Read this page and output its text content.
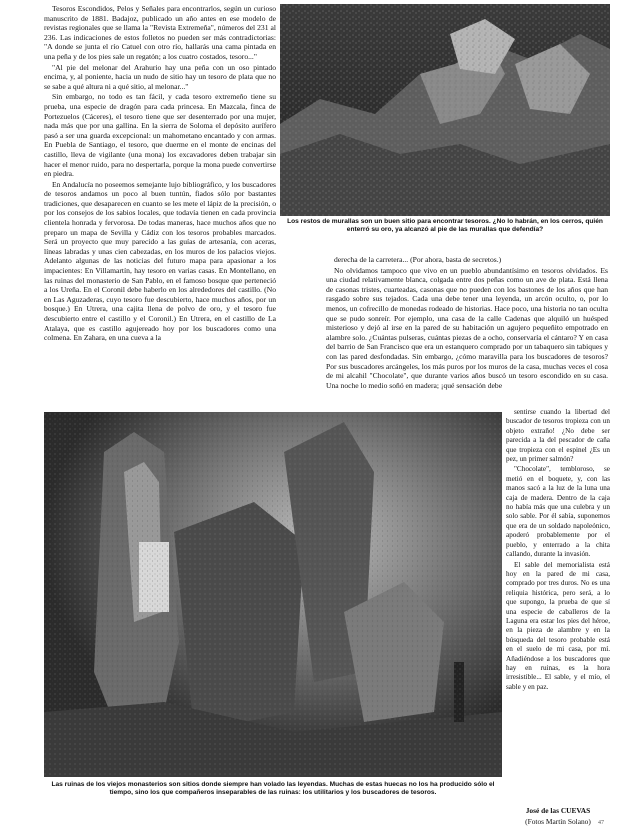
Tesoros Escondidos, Pelos y Señales para encontrarlos, según un curioso manuscrito de 1881. Badajoz, publicado un año antes en ese modelo de revistas regionales que se llama la "Revista Extremeña", números del 231 al 236. Las indicaciones de estos folletos no pueden ser más contradictorias: "A donde se junta el río Catuel con otro río, hallarás una cama pintada en una peña y de los pies sale un regatón; a los cuatro costados, tesoro..."

"Al pie del melonar del Arahurio hay una peña con un oso pintado encima, y, al poniente, hacia un nudo de sitio hay un tesoro de plata que no se sabe a qué altura ni a qué sitio, al melonar..."

Sin embargo, no todo es tan fácil, y cada tesoro extremeño tiene su prueba, una especie de dragón para cada princesa. En Mazcala, finca de Portezuelos (Cáceres), el tesoro tiene que ser desenterrado por una mujer, nada más que por una gallina. En la sierra de Soloma el depósito aurífero pasó a ser una guarda excepcional: un mahometano encantado y con armas. En Puebla de Santiago, el tesoro, que duerme en el monte de encinas del castillo, lleva de vigilante (una mona) los excavadores deben trabajar sin hacer el menor ruido, para no despertarla, porque la mona puede convertirse en piedra.

En Andalucía no poseemos semejante lujo bibliográfico, y los buscadores de tesoros andamos un poco al buen tuntún, fiados sólo por bastantes tradiciones, que desaparecen en cuanto se les mete el lápiz de la precisión, o por los consejos de los sabios locales, que todavía tienen en cada provincia clientela honrada y fervorosa. De todas maneras, hace muchos años que no preparo un mapa de Sevilla y Cádiz con los tesoros probables marcados. Será un proyecto que muy parecido a las guías de artesanía, con aceras, líneas labradas y unas cien cabezadas, en los muros de los palacios viejos. Adelanto algunas de las noticias del futuro mapa para apasionar a los impacientes: En Villamartín, hay tesoro en varias casas. En Montellano, en las ruinas del monasterio de San Pablo, en el famoso bosque que perteneció a los Ureña. En el Coronil debe haberlo en los alrededores del castillo. (No en Las Aguzaderas, cuyo tesoro fue descubierto, hace muchos años, por un bosque.) En Utrera, una cajita llena de polvo de oro, y el tesoro fue descubierto entre el castillo y el Coronil.) En Utrera, en el castillo de La Atalaya, que es castillo agujereado hoy por los buscadores como una colmena. En Zahara, en una cueva a la

Los restos de murallas son un buen sitio para encontrar tesoros. ¿No lo habrán, en los cerros, quién enterró su oro, ya alcanzó al pie de las murallas que defendía?

derecha de la carretera... (Por ahora, basta de secretos.)

No olvidamos tampoco que vivo en un pueblo abundantísimo en tesoros olvidados. Es una ciudad relativamente blanca, colgada entre dos peñas como un ave de plata. Está llena de casonas tristes, cuarteadas, casonas que no pueden con los bastones de los años que han rasgado sobre sus tejados. Cada una debe tener una leyenda, un arcón oculto, o, por lo menos, un cofrecillo de monedas rodeado de historias. Hace poco, una historia no tan oculta que se pudo sonreír. Por ejemplo, una casa de la calle Cadenas que alquiló un huésped misterioso y dejó al irse en la pared de su habitación un agujero pequeñito empotrado en alambre solo. ¿Cuántas pulseras, cuántas piezas de a ocho, conservaría el cántaro? Y en casa del barrio de San Francisco que era un estanquero comprado por un tabaquero sin tabiques y con las pared desfondadas. Sin embargo, ¿cómo maravilla para los buscadores de tesoros? Por sus buscadores arcángeles, los más puros por los muros de la casa, muchas veces el cosa de mi alcahil "Chocolate", que durante varios años buscó un tesoro escondido en su casa. Una noche lo medio soñó en madera; ¡qué sensación debe

Las ruinas de los viejos monasterios son sitios donde siempre han volado las leyendas. Muchas de estas huecas no los ha producido sólo el tiempo, sino los que compañeros inseparables de las ruinas: los utilitarios y los buscadores de tesoros.

sentirse cuando la libertad del buscador de tesoros tropieza con un objeto extraño! ¿No debe ser parecida a la del pescador de caña que tropieza con el espinel ¿Es un pez, un primer salmón?

"Chocolate", tembloroso, se metió en el boquete, y, con las manos sacó a la luz de la luna una caja de madera. Dentro de la caja no había más que una culebra y un solo sable. Por él sabía, suponemos que era de un soldado napoleónico, apoderó probablemente por el pueblo, y enterrado a la chita callando, durante la invasión.

El sable del memorialista está hoy en la pared de mi casa, comprado por tres duros. No es una reliquia histórica, pero será, a lo que supongo, la prueba de que sí una especie de caballeros de la Laguna era estar los pies del héroe, en la pieza de alambre y en la búsqueda del tesoro probable está en el suelo de mi casa, por mí. Añadiéndose a los buscadores que hay en ruinas, es la hora irresistible... El sable, y el mío, el sable y en paz.

José de las CUEVAS
(Fotos Martín Solano)	47
